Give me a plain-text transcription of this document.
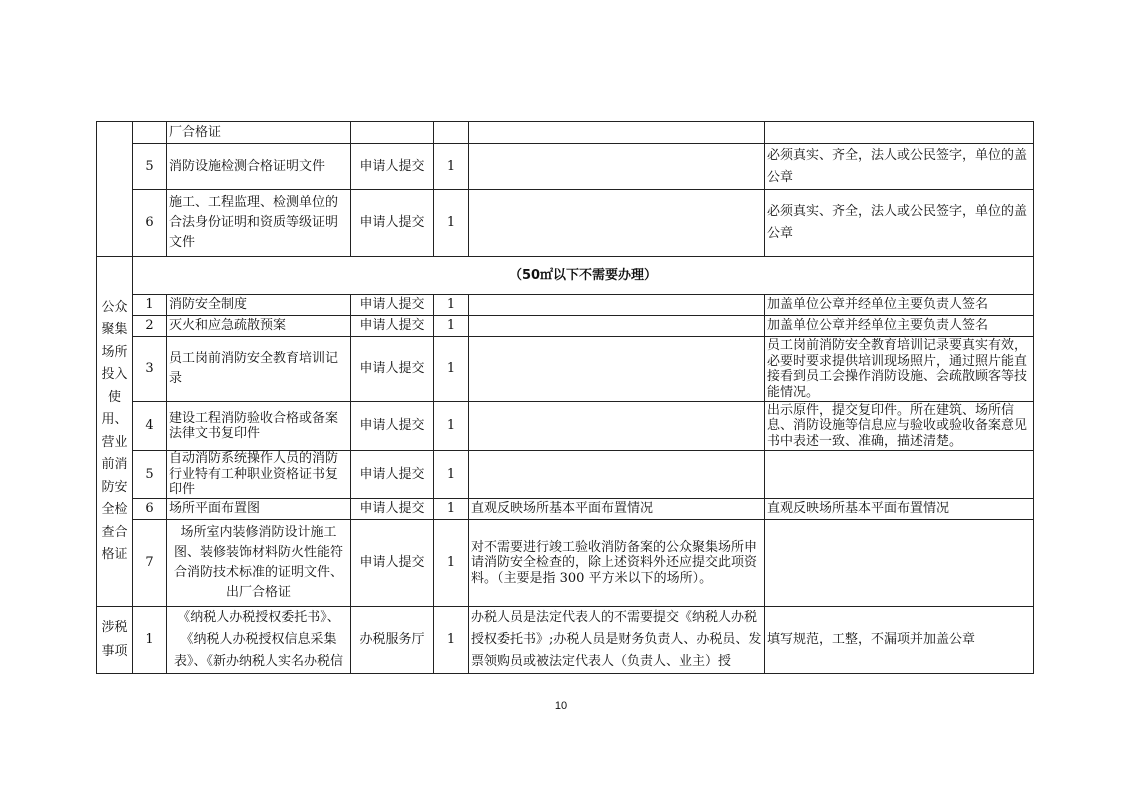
		厂合格证				
	5	消防设施检测合格证明文件	申请人提交	1		必须真实、齐全，法人或公民签字，单位的盖公章
	6	施工、工程监理、检测单位的合法身份证明和资质等级证明文件	申请人提交	1		必须真实、齐全，法人或公民签字，单位的盖公章
公众聚集场所投入使用、营业前消防安全检查合格证	（50㎡以下不需要办理）					
	1	消防安全制度	申请人提交	1		加盖单位公章并经单位主要负责人签名
	2	灭火和应急疏散预案	申请人提交	1		加盖单位公章并经单位主要负责人签名
	3	员工岗前消防安全教育培训记录	申请人提交	1		员工岗前消防安全教育培训记录要真实有效，必要时要求提供培训现场照片，通过照片能直接看到员工会操作消防设施、会疏散顾客等技能情况。
	4	建设工程消防验收合格或备案法律文书复印件	申请人提交	1		出示原件，提交复印件。所在建筑、场所信息、消防设施等信息应与验收或验收备案意见书中表述一致、准确，描述清楚。
	5	自动消防系统操作人员的消防行业特有工种职业资格证书复印件	申请人提交	1		
	6	场所平面布置图	申请人提交	1	直观反映场所基本平面布置情况	直观反映场所基本平面布置情况
	7	场所室内装修消防设计施工图、装修装饰材料防火性能符合消防技术标准的证明文件、出厂合格证	申请人提交	1	对不需要进行竣工验收消防备案的公众聚集场所申请消防安全检查的，除上述资料外还应提交此项资料。（主要是指 300 平方米以下的场所）。	
涉税事项	1	《纳税人办税授权委托书》、《纳税人办税授权信息采集表》、《新办纳税人实名办税信	办税服务厅	1	办税人员是法定代表人的不需要提交《纳税人办税授权委托书》;办税人员是财务负责人、办税员、发票领购员或被法定代表人（负责人、业主）授	填写规范，工整，不漏项并加盖公章
10
